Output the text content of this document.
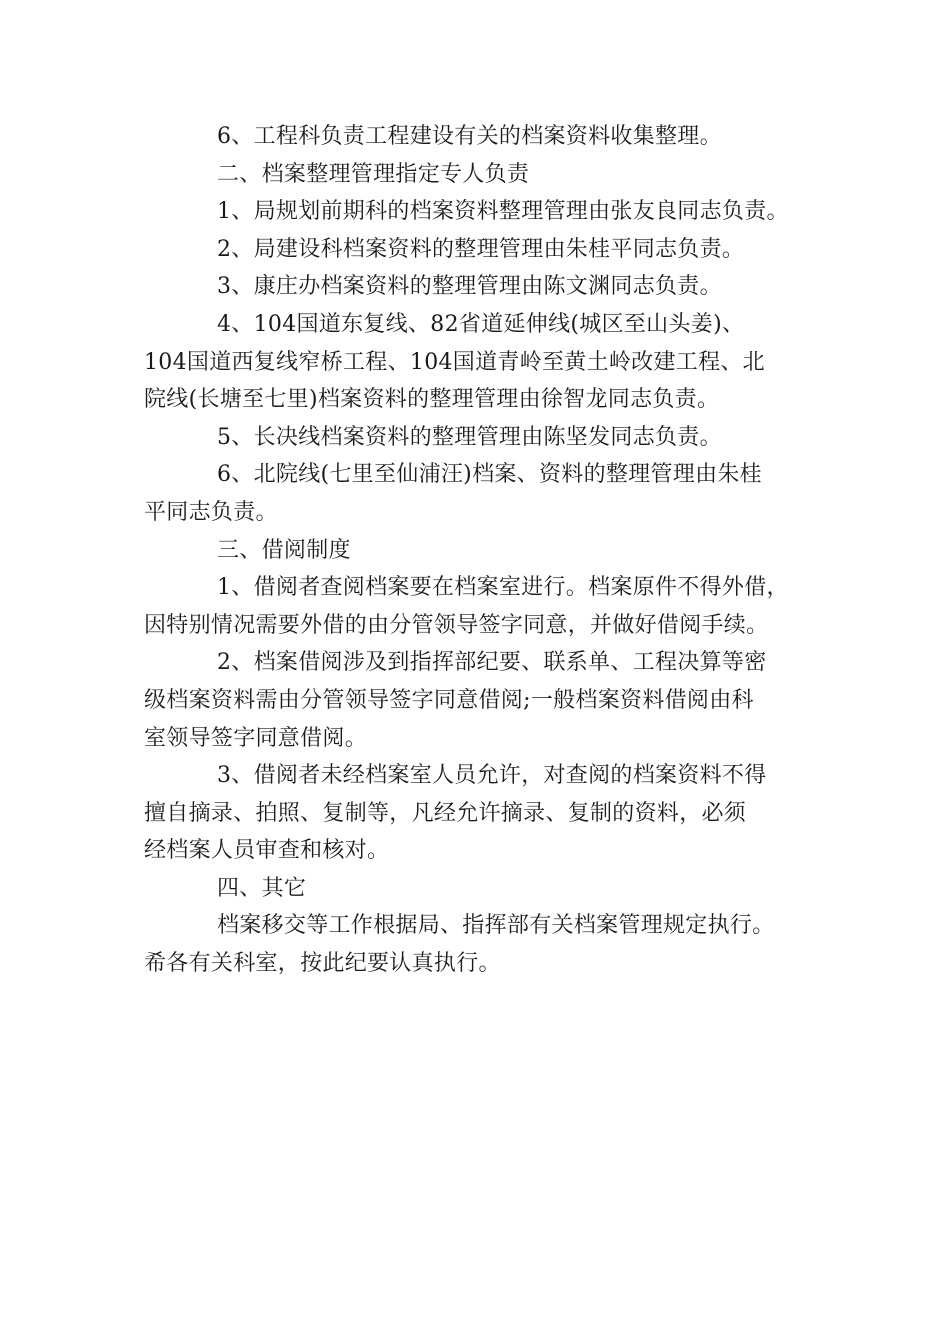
6、工程科负责工程建设有关的档案资料收集整理。
二、档案整理管理指定专人负责
1、局规划前期科的档案资料整理管理由张友良同志负责。
2、局建设科档案资料的整理管理由朱桂平同志负责。
3、康庄办档案资料的整理管理由陈文渊同志负责。
4、104国道东复线、82省道延伸线(城区至山头姜)、
104国道西复线窄桥工程、104国道青岭至黄土岭改建工程、北
院线(长塘至七里)档案资料的整理管理由徐智龙同志负责。
5、长决线档案资料的整理管理由陈坚发同志负责。
6、北院线(七里至仙浦汪)档案、资料的整理管理由朱桂
平同志负责。
三、借阅制度
1、借阅者查阅档案要在档案室进行。档案原件不得外借，
因特别情况需要外借的由分管领导签字同意，并做好借阅手续。
2、档案借阅涉及到指挥部纪要、联系单、工程决算等密
级档案资料需由分管领导签字同意借阅;一般档案资料借阅由科
室领导签字同意借阅。
3、借阅者未经档案室人员允许，对查阅的档案资料不得
擅自摘录、拍照、复制等，凡经允许摘录、复制的资料，必须
经档案人员审查和核对。
四、其它
档案移交等工作根据局、指挥部有关档案管理规定执行。
希各有关科室，按此纪要认真执行。
